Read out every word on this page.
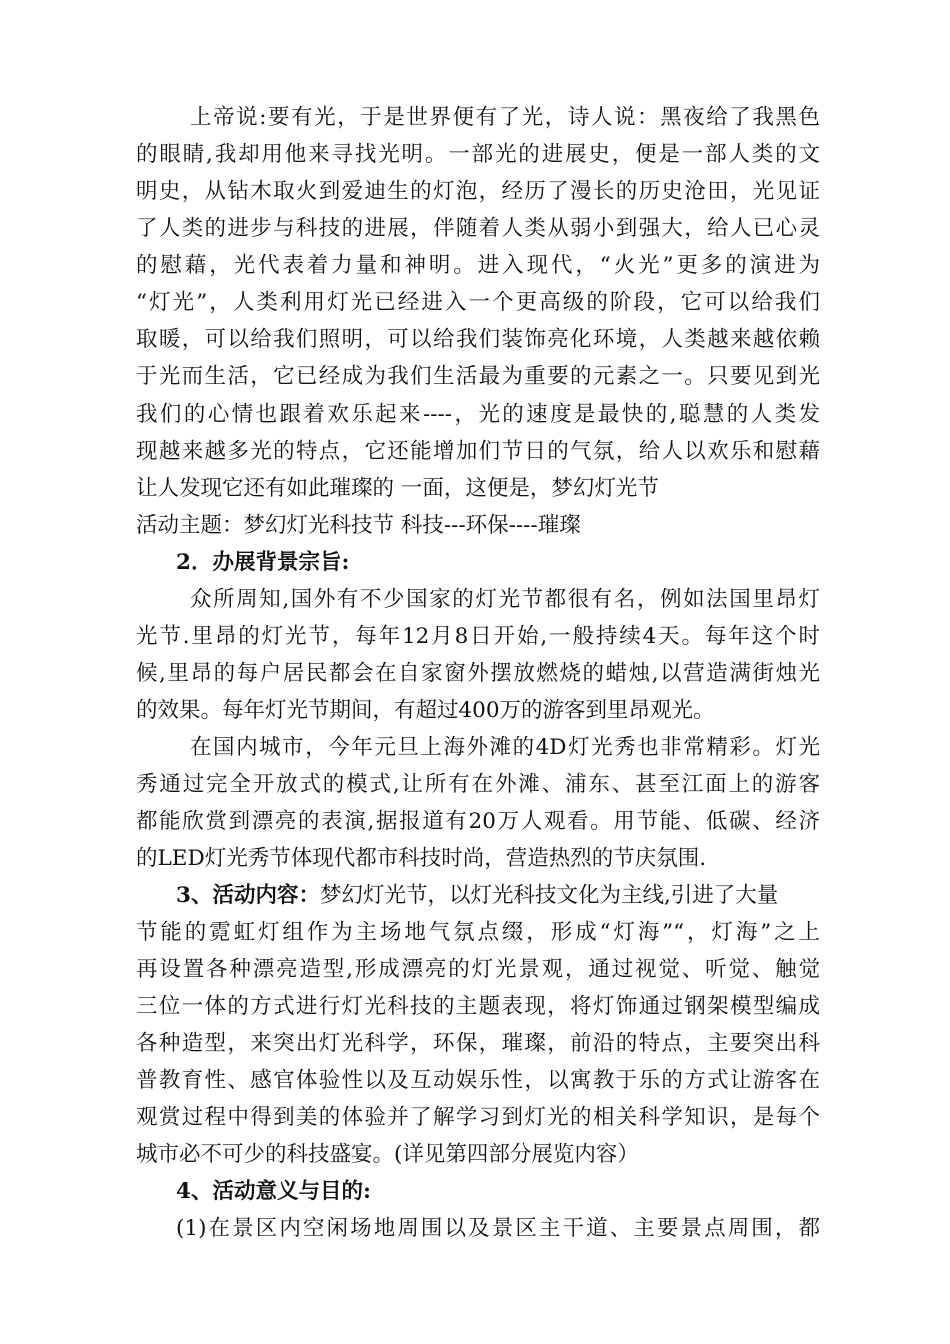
上帝说:要有光，于是世界便有了光，诗人说：黑夜给了我黑色
的眼睛,我却用他来寻找光明。一部光的进展史，便是一部人类的文
明史，从钻木取火到爱迪生的灯泡，经历了漫长的历史沧田，光见证
了人类的进步与科技的进展，伴随着人类从弱小到强大，给人已心灵
的慰藉，光代表着力量和神明。进入现代，“火光”更多的演进为
“灯光”，人类利用灯光已经进入一个更高级的阶段，它可以给我们
取暖，可以给我们照明，可以给我们装饰亮化环境，人类越来越依赖
于光而生活，它已经成为我们生活最为重要的元素之一。只要见到光
我们的心情也跟着欢乐起来----，光的速度是最快的,聪慧的人类发
现越来越多光的特点，它还能增加们节日的气氛，给人以欢乐和慰藉
让人发现它还有如此璀璨的 一面，这便是，梦幻灯光节
活动主题：梦幻灯光科技节 科技---环保----璀璨
2．办展背景宗旨:
众所周知,国外有不少国家的灯光节都很有名，例如法国里昂灯
光节.里昂的灯光节，每年12月8日开始,一般持续4天。每年这个时
候,里昂的每户居民都会在自家窗外摆放燃烧的蜡烛,以营造满街烛光
的效果。每年灯光节期间，有超过400万的游客到里昂观光。
在国内城市，今年元旦上海外滩的4D灯光秀也非常精彩。灯光
秀通过完全开放式的模式,让所有在外滩、浦东、甚至江面上的游客
都能欣赏到漂亮的表演,据报道有20万人观看。用节能、低碳、经济
的LED灯光秀节体现代都市科技时尚，营造热烈的节庆氛围.
3、活动内容：梦幻灯光节，以灯光科技文化为主线,引进了大量
节能的霓虹灯组作为主场地气氛点缀，形成“灯海”“，灯海”之上
再设置各种漂亮造型,形成漂亮的灯光景观，通过视觉、听觉、触觉
三位一体的方式进行灯光科技的主题表现，将灯饰通过钢架模型编成
各种造型，来突出灯光科学，环保，璀璨，前沿的特点，主要突出科
普教育性、感官体验性以及互动娱乐性，以寓教于乐的方式让游客在
观赏过程中得到美的体验并了解学习到灯光的相关科学知识，是每个
城市必不可少的科技盛宴。(详见第四部分展览内容）
4、活动意义与目的:
(1)在景区内空闲场地周围以及景区主干道、主要景点周围，都
